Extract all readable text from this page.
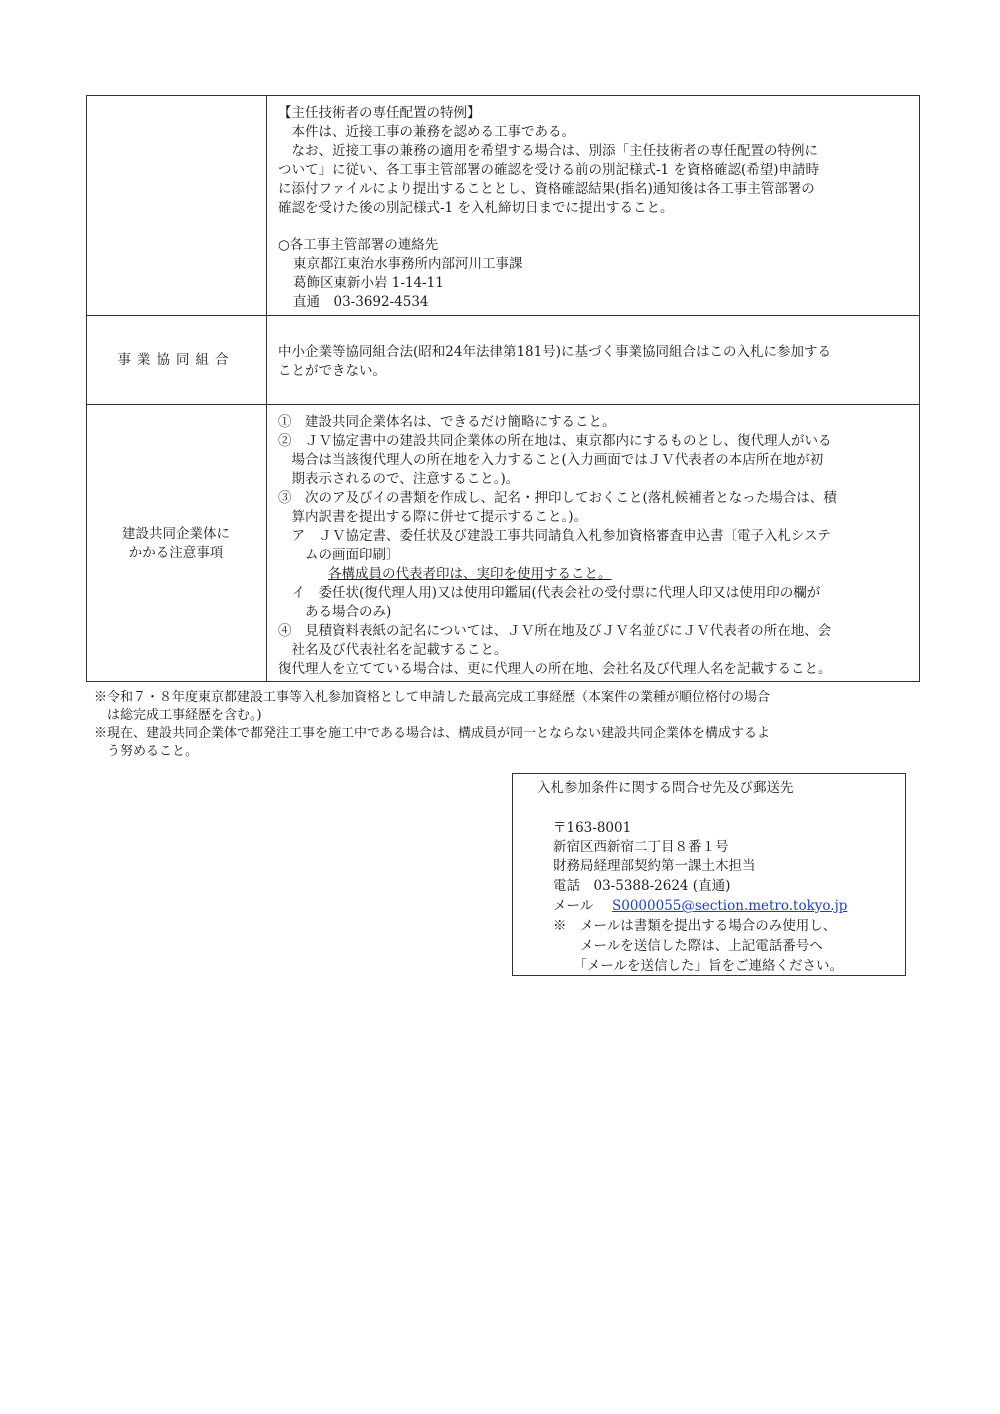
【主任技術者の専任配置の特例】
　本件は、近接工事の兼務を認める工事である。
　なお、近接工事の兼務の適用を希望する場合は、別添「主任技術者の専任配置の特例に
ついて」に従い、各工事主管部署の確認を受ける前の別記様式-1 を資格確認(希望)申請時
に添付ファイルにより提出することとし、資格確認結果(指名)通知後は各工事主管部署の
確認を受けた後の別記様式-1 を入札締切日までに提出すること。
○各工事主管部署の連絡先
東京都江東治水事務所内部河川工事課
葛飾区東新小岩 1-14-11
直通　03-3692-4534
事業協同組合	中小企業等協同組合法(昭和24年法律第181号)に基づく事業協同組合はこの入札に参加する
ことができない。
建設共同企業体に
かかる注意事項
①　建設共同企業体名は、できるだけ簡略にすること。
②　ＪＶ協定書中の建設共同企業体の所在地は、東京都内にするものとし、復代理人がいる
　場合は当該復代理人の所在地を入力すること(入力画面ではＪＶ代表者の本店所在地が初
　期表示されるので、注意すること。)。
③　次のア及びイの書類を作成し、記名・押印しておくこと(落札候補者となった場合は、積
　算内訳書を提出する際に併せて提示すること。)。
　ア　ＪＶ協定書、委任状及び建設工事共同請負入札参加資格審査申込書〔電子入札システ
　　ムの画面印刷〕
各構成員の代表者印は、実印を使用すること。
　イ　委任状(復代理人用)又は使用印鑑届(代表会社の受付票に代理人印又は使用印の欄が
　　ある場合のみ)
④　見積資料表紙の記名については、ＪＶ所在地及びＪＶ名並びにＪＶ代表者の所在地、会
　社名及び代表社名を記載すること。
復代理人を立てている場合は、更に代理人の所在地、会社名及び代理人名を記載すること。
※令和７・８年度東京都建設工事等入札参加資格として申請した最高完成工事経歴（本案件の業種が順位格付の場合
　は総完成工事経歴を含む。)
※現在、建設共同企業体で都発注工事を施工中である場合は、構成員が同一とならない建設共同企業体を構成するよ
　う努めること。
入札参加条件に関する問合せ先及び郵送先
〒163-8001
新宿区西新宿二丁目８番１号
財務局経理部契約第一課土木担当
電話　03-5388-2624 (直通)
メール S0000055@section.metro.tokyo.jp
※　メールは書類を提出する場合のみ使用し、
　　メールを送信した際は、上記電話番号へ
　　「メールを送信した」旨をご連絡ください。
